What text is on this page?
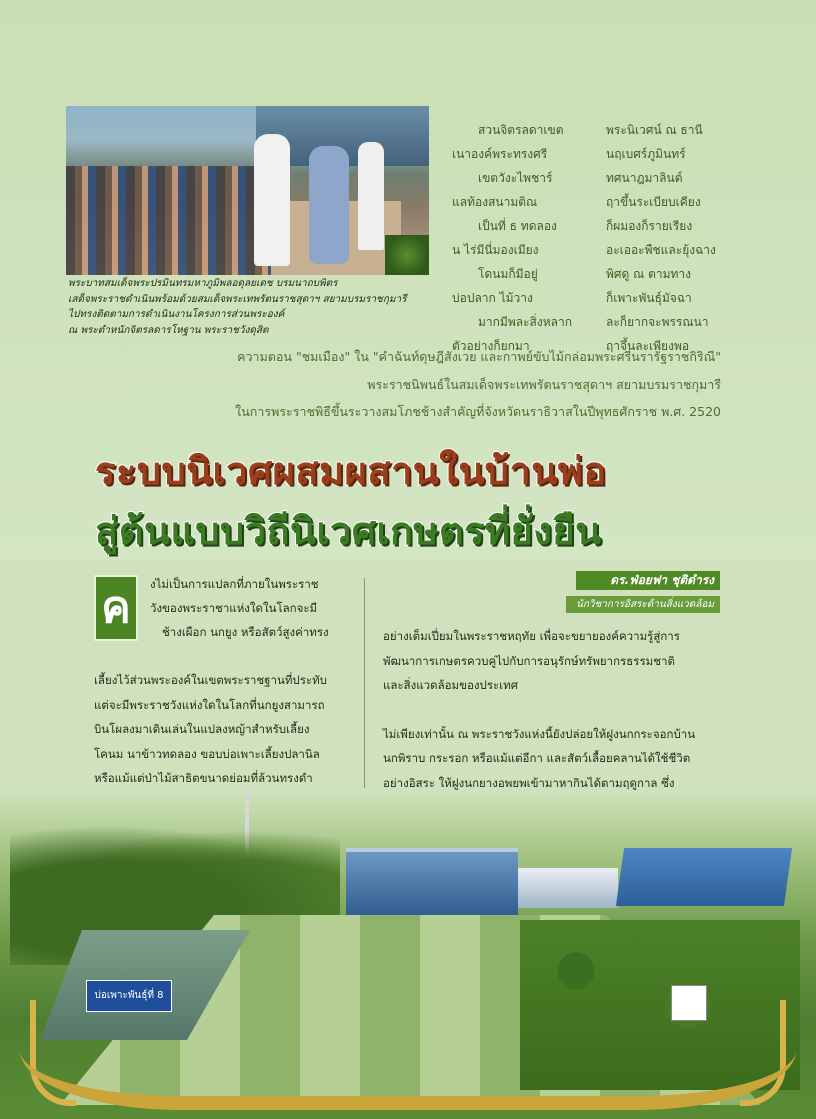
พระบาทสมเด็จพระปรมินทรมหาภูมิพลอดุลยเดช บรมนาถบพิตร
เสด็จพระราชดำเนินพร้อมด้วยสมเด็จพระเทพรัตนราชสุดาฯ สยามบรมราชกุมารี
ไปทรงติดตามการดำเนินงานโครงการส่วนพระองค์
ณ พระตำหนักจิตรลดารโหฐาน พระราชวังดุสิต
สวนจิตรลดาเขต
เนาองค์พระทรงศรี
เขตวังะไพชาร์
แลท้องสนามติณ
เป็นที่ ธ ทดลอง
น ไร่มีนี่มองเมียง
โดนมก็มีอยู่
บ่อปลาก ไม้วาง
มากมีพละสิ่งหลาก
ตัวอย่างก็ยกมา
พระนิเวศน์ ณ ธานี
นฤเบศร์ภูมินทร์
ทศนาฎมาลินต์
ฤาขึ้นระเบียบเคียง
ก็ผมองก็รายเรียง
อะเออะพืชและยุ้งฉาง
พิศดู ณ ตามทาง
ก็เพาะพันธุ์มัจฉา
ละก็ยากจะพรรณนา
ฤาจึ้นละเพียงพอ
ความตอน "ชมเมือง" ใน "คำฉันท์ดุษฎีสังเวย และกาพย์ขับไม้กล่อมพระศรีนรารัฐราชกิริณี"
พระราชนิพนธ์ในสมเด็จพระเทพรัตนราชสุดาฯ สยามบรมราชกุมารี
ในการพระราชพิธีขึ้นระวางสมโภชช้างสำคัญที่จังหวัดนราธิวาสในปีพุทธศักราช พ.ศ. 2520
ระบบนิเวศผสมผสานในบ้านพ่อ
สู่ต้นแบบวิถีนิเวศเกษตรที่ยั่งยืน
ดร.ฟ่อยฟา ชุติดำรง
นักวิชาการอิสระด้านสิ่งแวดล้อม
ค	งไม่เป็นการแปลกที่ภายในพระราช
วังของพระราชาแห่งใดในโลกจะมี
ช้างเผือก นกยูง หรือสัตว์สูงค่าทรง
เลี้ยงไว้ส่วนพระองค์ในเขตพระราชฐานที่ประทับ
แต่จะมีพระราชวังแห่งใดในโลกที่นกยูงสามารถ
บินโผลงมาเดินเล่นในแปลงหญ้าสำหรับเลี้ยง
โคนม นาข้าวทดลอง ขอบบ่อเพาะเลี้ยงปลานิล
หรือแม้แต่ป่าไม้สาธิตขนาดย่อมที่ล้วนทรงดำ
อย่างเต็มเปี่ยมในพระราชหฤทัย เพื่อจะขยายองค์ความรู้สู่การ
พัฒนาการเกษตรควบคู่ไปกับการอนุรักษ์ทรัพยากรธรรมชาติ
และสิ่งแวดล้อมของประเทศ
ไม่เพียงเท่านั้น ณ พระราชวังแห่งนี้ยังปล่อยให้ฝูงนกกระจอกบ้าน
นกพิราบ กระรอก หรือแม้แต่อีกา และสัตว์เลื้อยคลานได้ใช้ชีวิต
อย่างอิสระ ให้ฝูงนกยางอพยพเข้ามาหากินได้ตามฤดูกาล ซึ่ง
บ่อเพาะพันธุ์ที่ 8
